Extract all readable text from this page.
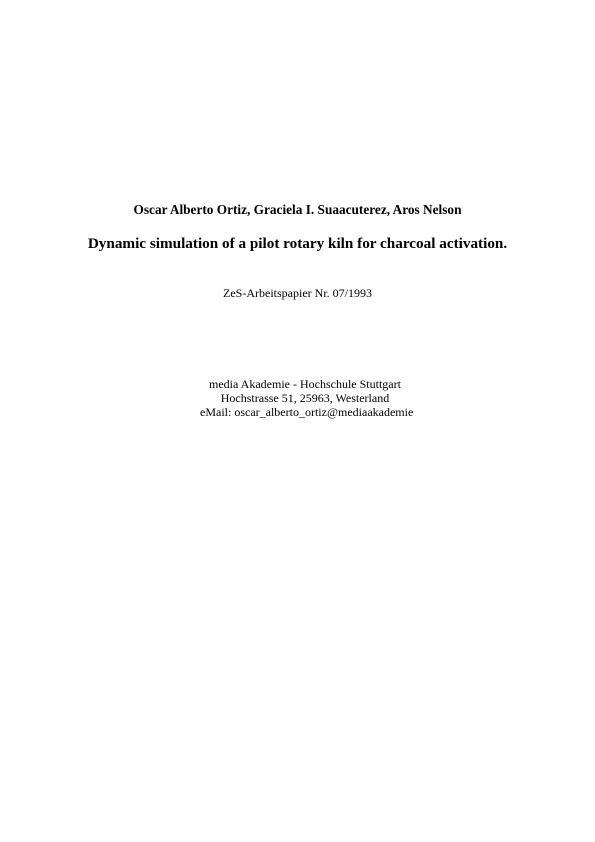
Oscar Alberto Ortiz, Graciela I. Suaacuterez, Aros Nelson
Dynamic simulation of a pilot rotary kiln for charcoal activation.
ZeS-Arbeitspapier Nr. 07/1993
media Akademie - Hochschule Stuttgart
Hochstrasse 51, 25963, Westerland
eMail: oscar_alberto_ortiz@mediaakademie
